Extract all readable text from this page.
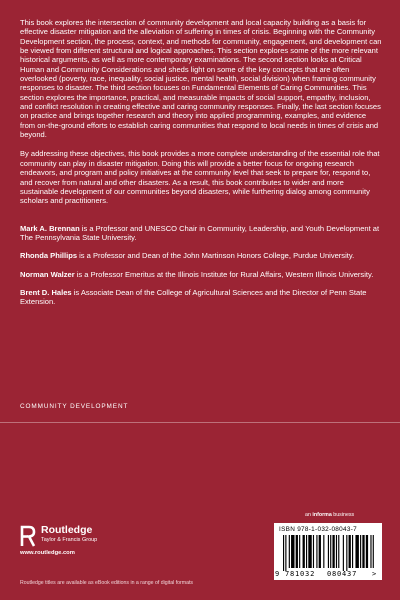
This book explores the intersection of community development and local capacity building as a basis for effective disaster mitigation and the alleviation of suffering in times of crisis. Beginning with the Community Development section, the process, context, and methods for community, engagement, and development can be viewed from different structural and logical approaches. This section explores some of the more relevant historical arguments, as well as more contemporary examinations. The second section looks at Critical Human and Community Considerations and sheds light on some of the key concepts that are often overlooked (poverty, race, inequality, social justice, mental health, social division) when framing community responses to disaster. The third section focuses on Fundamental Elements of Caring Communities. This section explores the importance, practical, and measurable impacts of social support, empathy, inclusion, and conflict resolution in creating effective and caring community responses. Finally, the last section focuses on practice and brings together research and theory into applied programming, examples, and evidence from on-the-ground efforts to establish caring communities that respond to local needs in times of crisis and beyond.

By addressing these objectives, this book provides a more complete understanding of the essential role that community can play in disaster mitigation. Doing this will provide a better focus for ongoing research endeavors, and program and policy initiatives at the community level that seek to prepare for, respond to, and recover from natural and other disasters. As a result, this book contributes to wider and more sustainable development of our communities beyond disasters, while furthering dialog among community scholars and practitioners.

Mark A. Brennan is a Professor and UNESCO Chair in Community, Leadership, and Youth Development at The Pennsylvania State University.

Rhonda Phillips is a Professor and Dean of the John Martinson Honors College, Purdue University.

Norman Walzer is a Professor Emeritus at the Illinois Institute for Rural Affairs, Western Illinois University.

Brent D. Hales is Associate Dean of the College of Agricultural Sciences and the Director of Penn State Extension.

COMMUNITY DEVELOPMENT
an informa business
Routledge
Taylor & Francis Group
www.routledge.com
Routledge titles are available as eBook editions in a range of digital formats
ISBN 978-1-032-08043-7
9 781032 080437 >
